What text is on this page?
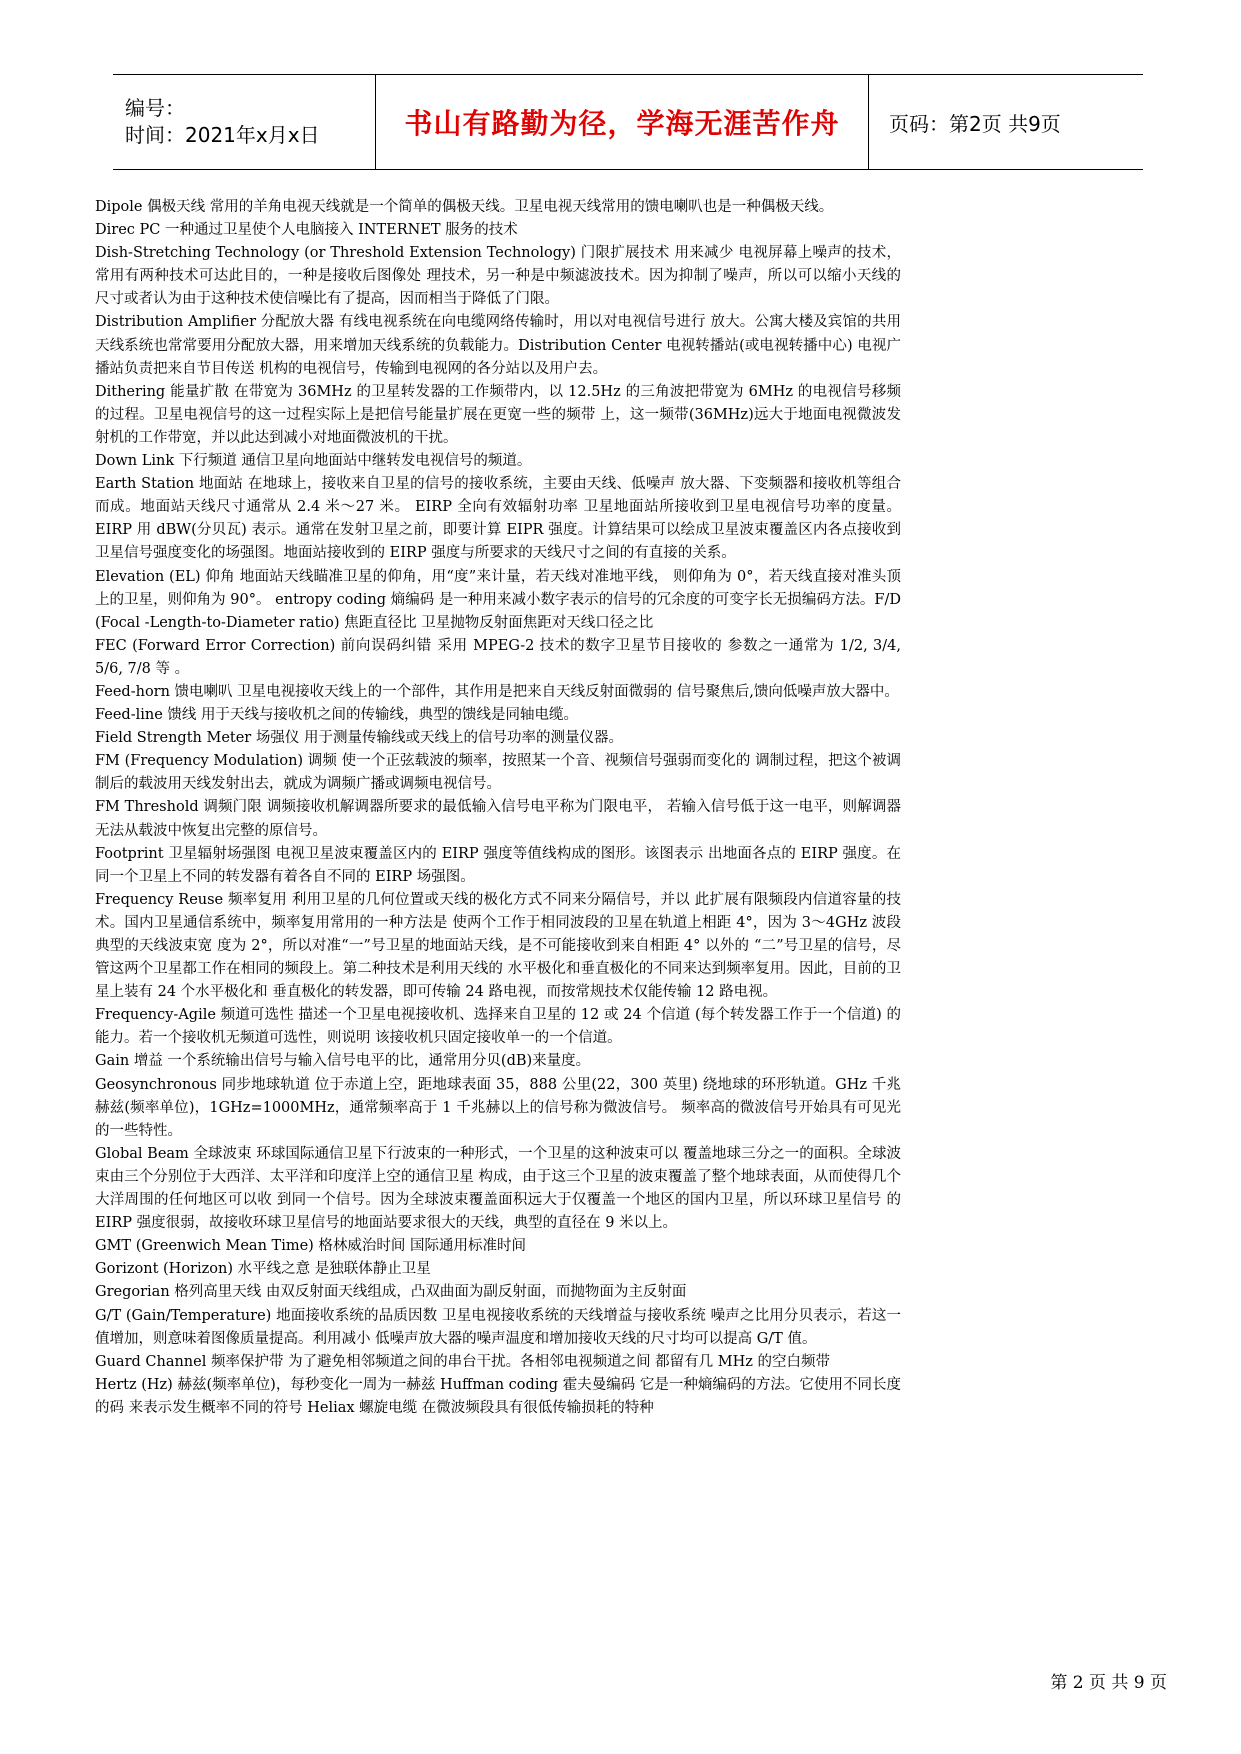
编号：
时间：2021年x月x日	书山有路勤为径，学海无涯苦作舟 页码：第2页 共9页

Dipole 偶极天线 常用的羊角电视天线就是一个简单的偶极天线。卫星电视天线常用的馈电喇叭也是一种偶极天线。

Direc PC 一种通过卫星使个人电脑接入 INTERNET 服务的技术

Dish-Stretching Technology (or Threshold Extension Technology) 门限扩展技术 用来减少 电视屏幕上噪声的技术，常用有两种技术可达此目的，一种是接收后图像处 理技术，另一种是中频滤波技术。因为抑制了噪声，所以可以缩小天线的 尺寸或者认为由于这种技术使信噪比有了提高，因而相当于降低了门限。

Distribution Amplifier 分配放大器 有线电视系统在向电缆网络传输时，用以对电视信号进行 放大。公寓大楼及宾馆的共用天线系统也常常要用分配放大器，用来增加天线系统的负载能力。Distribution Center 电视转播站(或电视转播中心) 电视广播站负责把来自节目传送 机构的电视信号，传输到电视网的各分站以及用户去。

Dithering 能量扩散 在带宽为 36MHz 的卫星转发器的工作频带内，以 12.5Hz 的三角波把带宽为 6MHz 的电视信号移频的过程。卫星电视信号的这一过程实际上是把信号能量扩展在更宽一些的频带 上，这一频带(36MHz)远大于地面电视微波发射机的工作带宽，并以此达到减小对地面微波机的干扰。

Down Link 下行频道 通信卫星向地面站中继转发电视信号的频道。

Earth Station 地面站 在地球上，接收来自卫星的信号的接收系统，主要由天线、低噪声 放大器、下变频器和接收机等组合而成。地面站天线尺寸通常从 2.4 米～27 米。 EIRP 全向有效辐射功率 卫星地面站所接收到卫星电视信号功率的度量。EIRP 用 dBW(分贝瓦) 表示。通常在发射卫星之前，即要计算 EIPR 强度。计算结果可以绘成卫星波束覆盖区内各点接收到 卫星信号强度变化的场强图。地面站接收到的 EIRP 强度与所要求的天线尺寸之间的有直接的关系。

Elevation (EL) 仰角 地面站天线瞄准卫星的仰角，用“度”来计量，若天线对准地平线， 则仰角为 0°，若天线直接对准头顶上的卫星，则仰角为 90°。 entropy coding 熵编码 是一种用来减小数字表示的信号的冗余度的可变字长无损编码方法。F/D (Focal -Length-to-Diameter ratio) 焦距直径比 卫星抛物反射面焦距对天线口径之比

FEC (Forward Error Correction) 前向误码纠错 采用 MPEG-2 技术的数字卫星节目接收的 参数之一通常为 1/2, 3/4, 5/6, 7/8 等 。

Feed-horn 馈电喇叭 卫星电视接收天线上的一个部件，其作用是把来自天线反射面微弱的 信号聚焦后,馈向低噪声放大器中。

Feed-line 馈线 用于天线与接收机之间的传输线，典型的馈线是同轴电缆。

Field Strength Meter 场强仪 用于测量传输线或天线上的信号功率的测量仪器。

FM (Frequency Modulation) 调频 使一个正弦载波的频率，按照某一个音、视频信号强弱而变化的 调制过程，把这个被调制后的载波用天线发射出去，就成为调频广播或调频电视信号。

FM Threshold 调频门限 调频接收机解调器所要求的最低输入信号电平称为门限电平， 若输入信号低于这一电平，则解调器无法从载波中恢复出完整的原信号。

Footprint 卫星辐射场强图 电视卫星波束覆盖区内的 EIRP 强度等值线构成的图形。该图表示 出地面各点的 EIRP 强度。在同一个卫星上不同的转发器有着各自不同的 EIRP 场强图。

Frequency Reuse 频率复用 利用卫星的几何位置或天线的极化方式不同来分隔信号，并以 此扩展有限频段内信道容量的技术。国内卫星通信系统中，频率复用常用的一种方法是 使两个工作于相同波段的卫星在轨道上相距 4°，因为 3～4GHz 波段典型的天线波束宽 度为 2°，所以对准“一”号卫星的地面站天线，是不可能接收到来自相距 4° 以外的 “二”号卫星的信号，尽管这两个卫星都工作在相同的频段上。第二种技术是利用天线的 水平极化和垂直极化的不同来达到频率复用。因此，目前的卫星上装有 24 个水平极化和 垂直极化的转发器，即可传输 24 路电视，而按常规技术仅能传输 12 路电视。

Frequency-Agile 频道可选性 描述一个卫星电视接收机、选择来自卫星的 12 或 24 个信道 (每个转发器工作于一个信道) 的能力。若一个接收机无频道可选性，则说明 该接收机只固定接收单一的一个信道。

Gain 增益 一个系统输出信号与输入信号电平的比，通常用分贝(dB)来量度。

Geosynchronous 同步地球轨道 位于赤道上空，距地球表面 35，888 公里(22，300 英里) 绕地球的环形轨道。GHz 千兆赫兹(频率单位)，1GHz=1000MHz，通常频率高于 1 千兆赫以上的信号称为微波信号。 频率高的微波信号开始具有可见光的一些特性。

Global Beam 全球波束 环球国际通信卫星下行波束的一种形式，一个卫星的这种波束可以 覆盖地球三分之一的面积。全球波束由三个分别位于大西洋、太平洋和印度洋上空的通信卫星 构成，由于这三个卫星的波束覆盖了整个地球表面，从而使得几个大洋周围的任何地区可以收 到同一个信号。因为全球波束覆盖面积远大于仅覆盖一个地区的国内卫星，所以环球卫星信号 的 EIRP 强度很弱，故接收环球卫星信号的地面站要求很大的天线，典型的直径在 9 米以上。

GMT (Greenwich Mean Time) 格林威治时间 国际通用标准时间

Gorizont (Horizon) 水平线之意 是独联体静止卫星

Gregorian 格列高里天线 由双反射面天线组成，凸双曲面为副反射面，而抛物面为主反射面

G/T (Gain/Temperature) 地面接收系统的品质因数 卫星电视接收系统的天线增益与接收系统 噪声之比用分贝表示，若这一值增加，则意味着图像质量提高。利用减小 低噪声放大器的噪声温度和增加接收天线的尺寸均可以提高 G/T 值。

Guard Channel 频率保护带 为了避免相邻频道之间的串台干扰。各相邻电视频道之间 都留有几 MHz 的空白频带

Hertz (Hz) 赫兹(频率单位)，每秒变化一周为一赫兹 Huffman coding 霍夫曼编码 它是一种熵编码的方法。它使用不同长度的码 来表示发生概率不同的符号 Heliax 螺旋电缆 在微波频段具有很低传输损耗的特种

第 2 页 共 9 页
